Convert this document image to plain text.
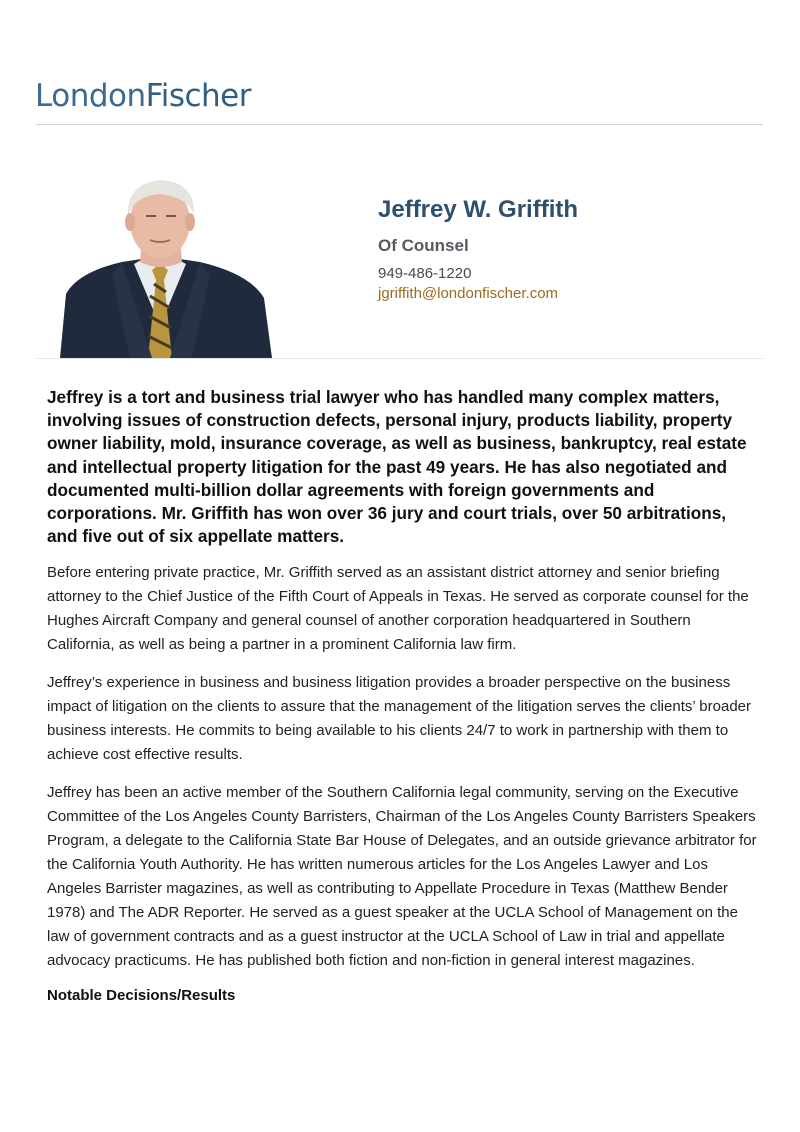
LondonFischer
Jeffrey W. Griffith
Of Counsel
949-486-1220
jgriffith@londonfischer.com

Jeffrey is a tort and business trial lawyer who has handled many complex matters, involving issues of construction defects, personal injury, products liability, property owner liability, mold, insurance coverage, as well as business, bankruptcy, real estate and intellectual property litigation for the past 49 years. He has also negotiated and documented multi-billion dollar agreements with foreign governments and corporations. Mr. Griffith has won over 36 jury and court trials, over 50 arbitrations, and five out of six appellate matters.

Before entering private practice, Mr. Griffith served as an assistant district attorney and senior briefing attorney to the Chief Justice of the Fifth Court of Appeals in Texas. He served as corporate counsel for the Hughes Aircraft Company and general counsel of another corporation headquartered in Southern California, as well as being a partner in a prominent California law firm.

Jeffrey’s experience in business and business litigation provides a broader perspective on the business impact of litigation on the clients to assure that the management of the litigation serves the clients’ broader business interests. He commits to being available to his clients 24/7 to work in partnership with them to achieve cost effective results.

Jeffrey has been an active member of the Southern California legal community, serving on the Executive Committee of the Los Angeles County Barristers, Chairman of the Los Angeles County Barristers Speakers Program, a delegate to the California State Bar House of Delegates, and an outside grievance arbitrator for the California Youth Authority. He has written numerous articles for the Los Angeles Lawyer and Los Angeles Barrister magazines, as well as contributing to Appellate Procedure in Texas (Matthew Bender 1978) and The ADR Reporter. He served as a guest speaker at the UCLA School of Management on the law of government contracts and as a guest instructor at the UCLA School of Law in trial and appellate advocacy practicums. He has published both fiction and non-fiction in general interest magazines.

Notable Decisions/Results
